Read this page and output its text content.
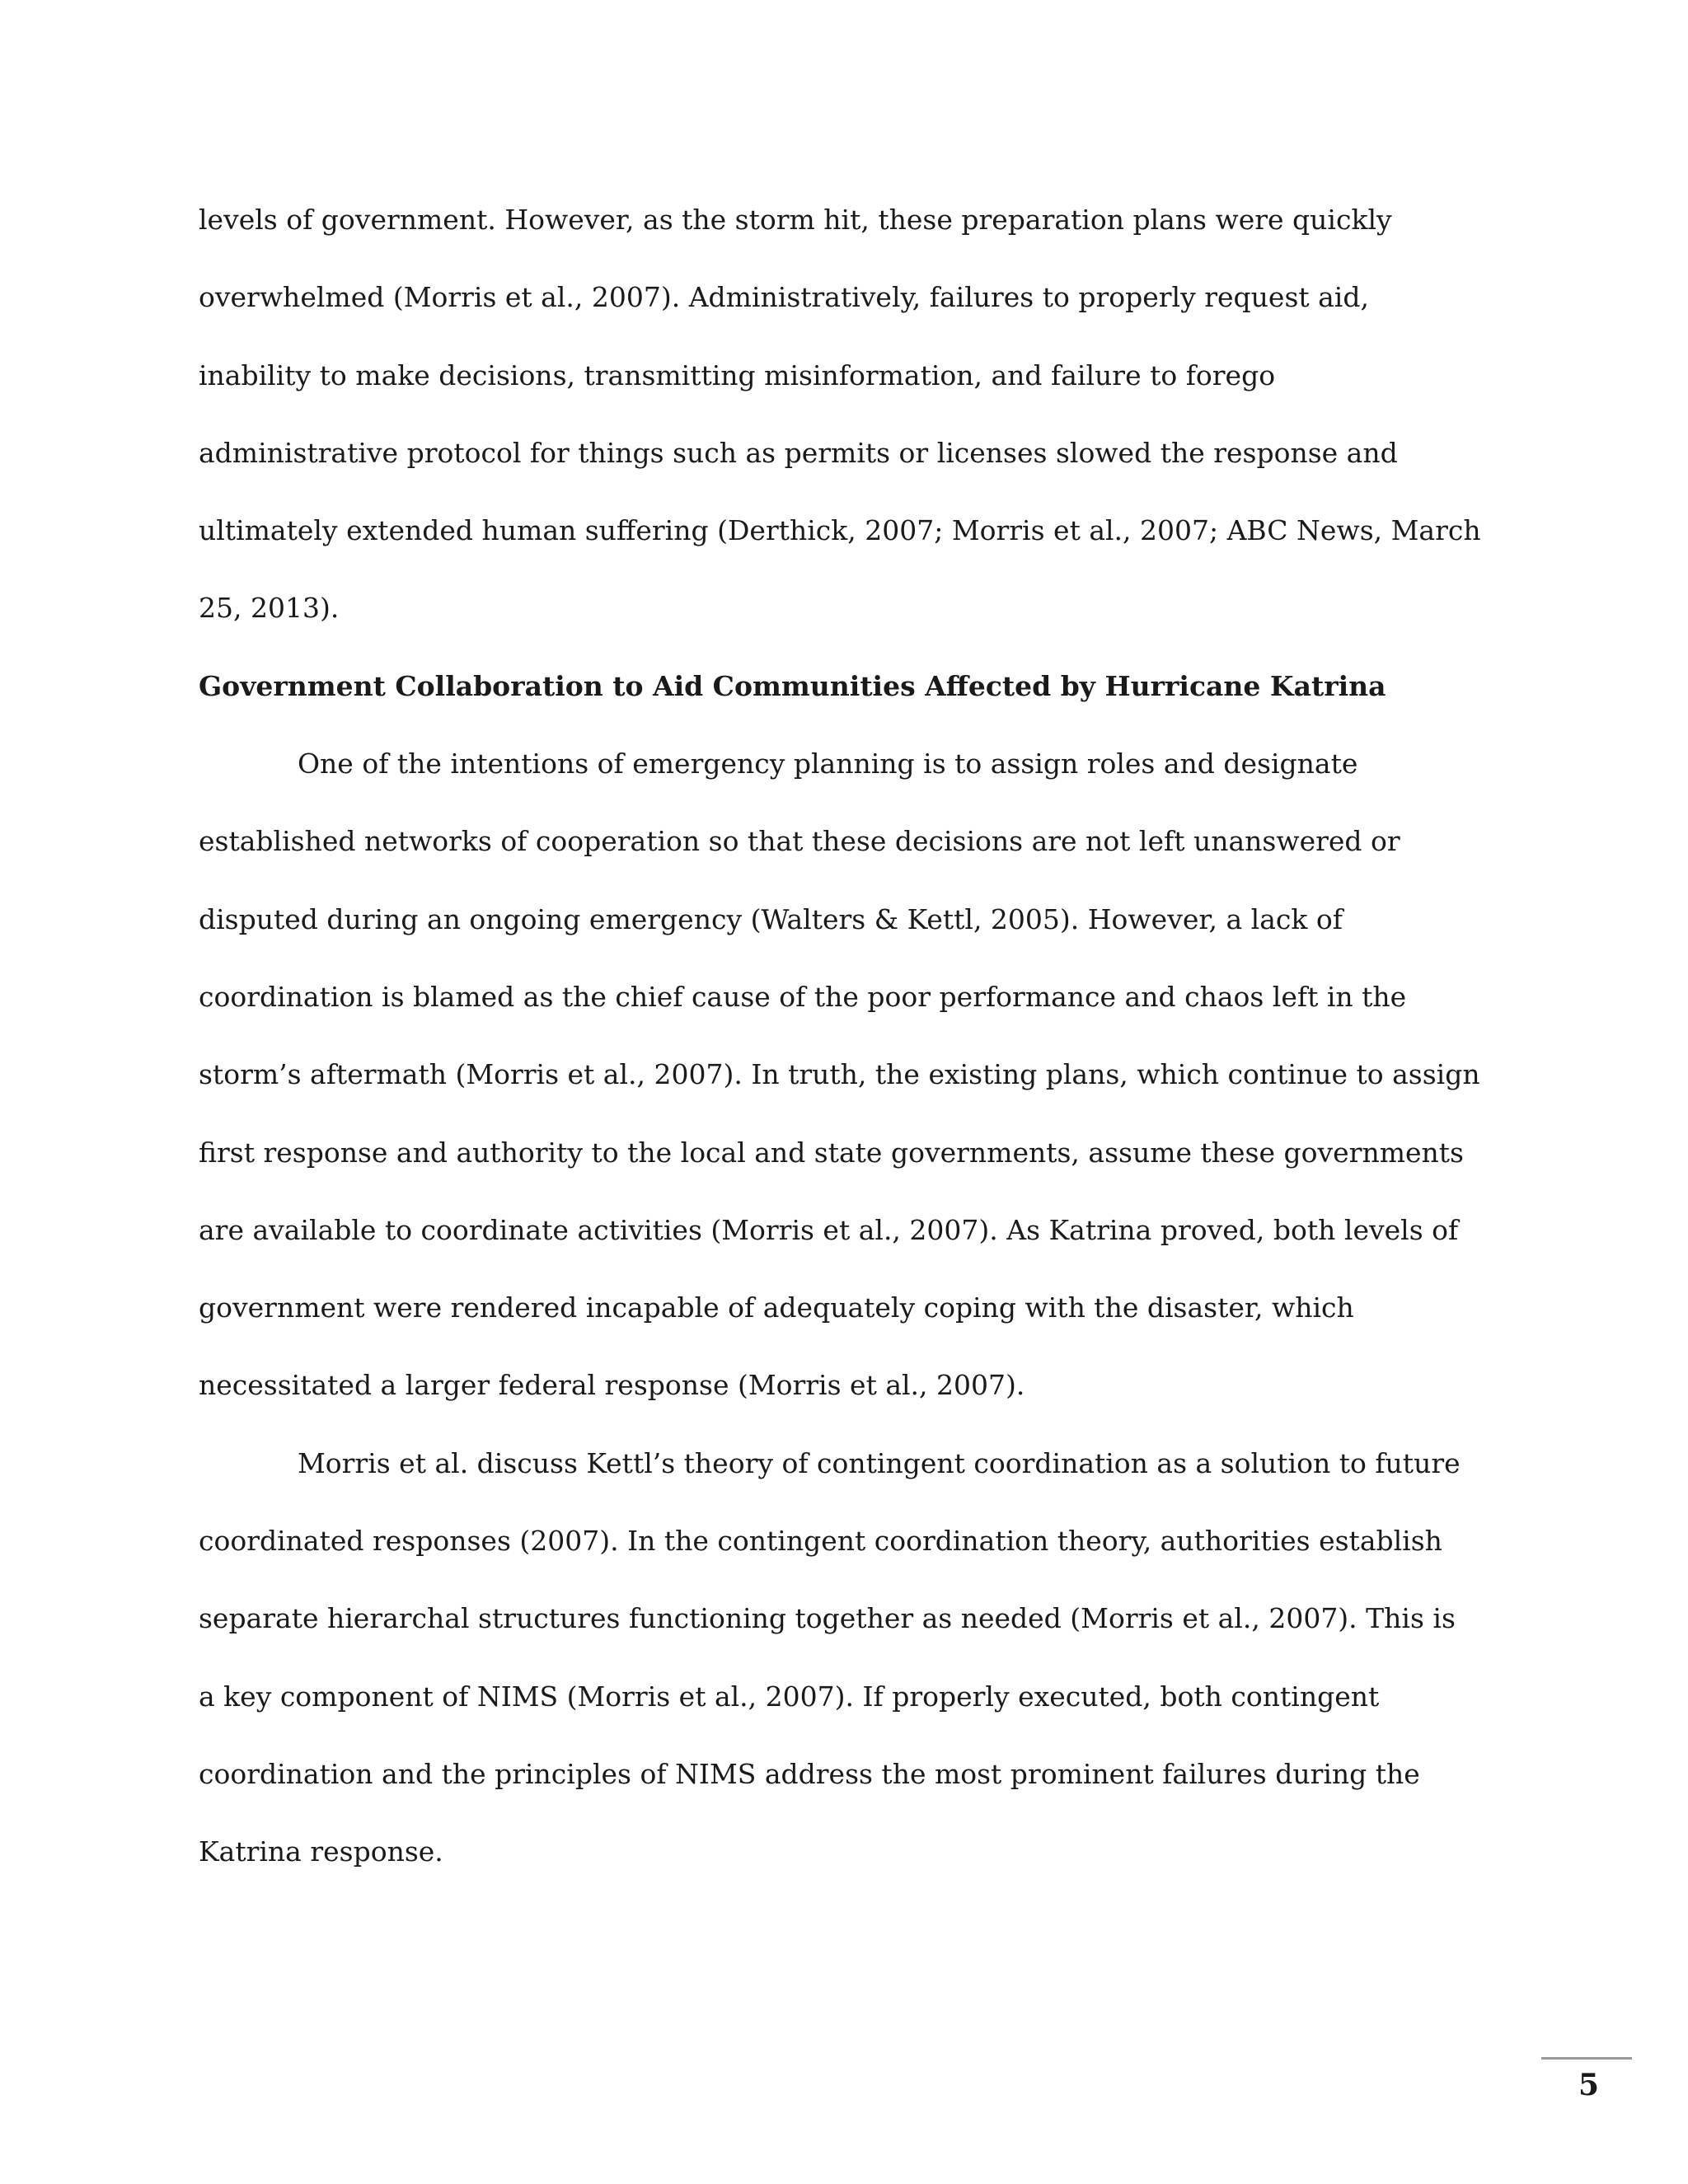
levels of government. However, as the storm hit, these preparation plans were quickly
overwhelmed (Morris et al., 2007). Administratively, failures to properly request aid,
inability to make decisions, transmitting misinformation, and failure to forego
administrative protocol for things such as permits or licenses slowed the response and
ultimately extended human suffering (Derthick, 2007; Morris et al., 2007; ABC News, March
25, 2013).
Government Collaboration to Aid Communities Affected by Hurricane Katrina
One of the intentions of emergency planning is to assign roles and designate
established networks of cooperation so that these decisions are not left unanswered or
disputed during an ongoing emergency (Walters & Kettl, 2005). However, a lack of
coordination is blamed as the chief cause of the poor performance and chaos left in the
storm’s aftermath (Morris et al., 2007). In truth, the existing plans, which continue to assign
first response and authority to the local and state governments, assume these governments
are available to coordinate activities (Morris et al., 2007). As Katrina proved, both levels of
government were rendered incapable of adequately coping with the disaster, which
necessitated a larger federal response (Morris et al., 2007).
Morris et al. discuss Kettl’s theory of contingent coordination as a solution to future
coordinated responses (2007). In the contingent coordination theory, authorities establish
separate hierarchal structures functioning together as needed (Morris et al., 2007). This is
a key component of NIMS (Morris et al., 2007). If properly executed, both contingent
coordination and the principles of NIMS address the most prominent failures during the
Katrina response.
5
